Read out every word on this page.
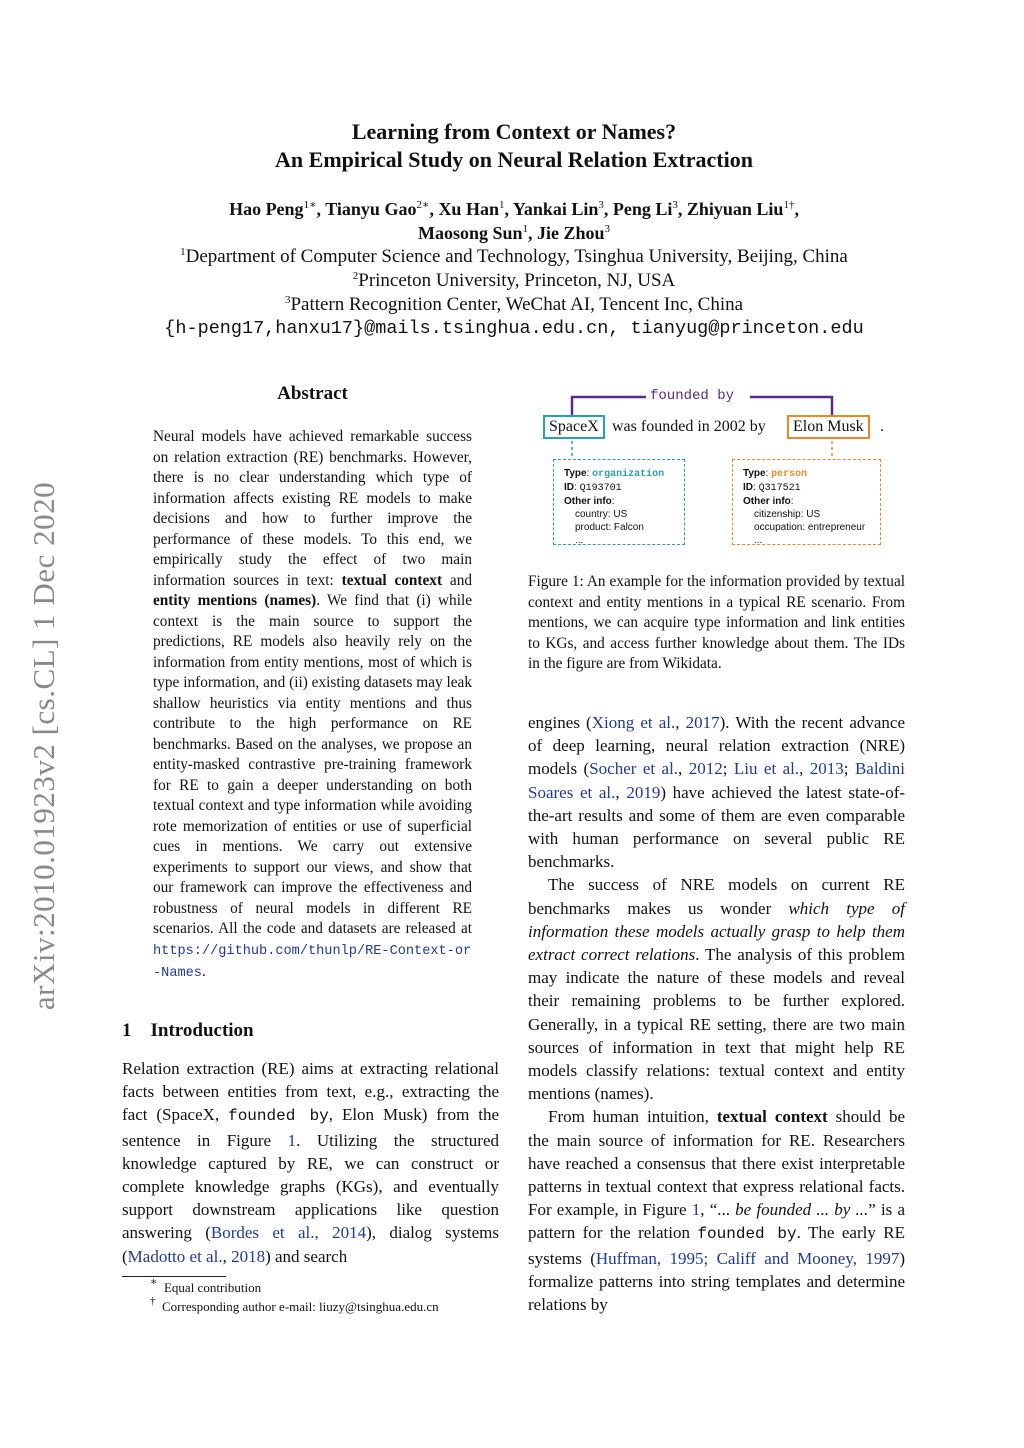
arXiv:2010.01923v2 [cs.CL] 1 Dec 2020
Learning from Context or Names?
An Empirical Study on Neural Relation Extraction
Hao Peng$^{1∗}$, Tianyu Gao$^{2∗}$, Xu Han$^1$, Yankai Lin$^3$, Peng Li$^3$, Zhiyuan Liu$^{1\dagger}$,
Maosong Sun$^1$, Jie Zhou$^3$
$^1$Department of Computer Science and Technology, Tsinghua University, Beijing, China
$^2$Princeton University, Princeton, NJ, USA
$^3$Pattern Recognition Center, WeChat AI, Tencent Inc, China
{h-peng17,hanxu17}@mails.tsinghua.edu.cn, tianyug@princeton.edu
Abstract
Neural models have achieved remarkable success on relation extraction (RE) benchmarks. However, there is no clear understanding which type of information affects existing RE models to make decisions and how to further improve the performance of these models. To this end, we empirically study the effect of two main information sources in text: textual context and entity mentions (names). We find that (i) while context is the main source to support the predictions, RE models also heavily rely on the information from entity mentions, most of which is type information, and (ii) existing datasets may leak shallow heuristics via entity mentions and thus contribute to the high performance on RE benchmarks. Based on the analyses, we propose an entity-masked contrastive pre-training framework for RE to gain a deeper understanding on both textual context and type information while avoiding rote memorization of entities or use of superficial cues in mentions. We carry out extensive experiments to support our views, and show that our framework can improve the effectiveness and robustness of neural models in different RE scenarios. All the code and datasets are released at https://github.com/thunlp/RE-Context-or-Names.
1 Introduction
Relation extraction (RE) aims at extracting relational facts between entities from text, e.g., extracting the fact (SpaceX, founded by, Elon Musk) from the sentence in Figure 1. Utilizing the structured knowledge captured by RE, we can construct or complete knowledge graphs (KGs), and eventually support downstream applications like question answering (Bordes et al., 2014), dialog systems (Madotto et al., 2018) and search
∗ Equal contribution
† Corresponding author e-mail: liuzy@tsinghua.edu.cn
founded by
SpaceX was founded in 2002 by	Elon Musk	.
Type: organization
ID: Q193701
Other info:
country: US
product: Falcon
...
Type: person
ID: Q317521
Other info:
citizenship: US
occupation: entrepreneur
...
Figure 1: An example for the information provided by textual context and entity mentions in a typical RE scenario. From mentions, we can acquire type information and link entities to KGs, and access further knowledge about them. The IDs in the figure are from Wikidata.

engines (Xiong et al., 2017). With the recent advance of deep learning, neural relation extraction (NRE) models (Socher et al., 2012; Liu et al., 2013; Baldini Soares et al., 2019) have achieved the latest state-of-the-art results and some of them are even comparable with human performance on several public RE benchmarks.

The success of NRE models on current RE benchmarks makes us wonder which type of information these models actually grasp to help them extract correct relations. The analysis of this problem may indicate the nature of these models and reveal their remaining problems to be further explored. Generally, in a typical RE setting, there are two main sources of information in text that might help RE models classify relations: textual context and entity mentions (names).

From human intuition, textual context should be the main source of information for RE. Researchers have reached a consensus that there exist interpretable patterns in textual context that express relational facts. For example, in Figure 1, “... be founded ... by ...” is a pattern for the relation founded by. The early RE systems (Huffman, 1995; Califf and Mooney, 1997) formalize patterns into string templates and determine relations by
